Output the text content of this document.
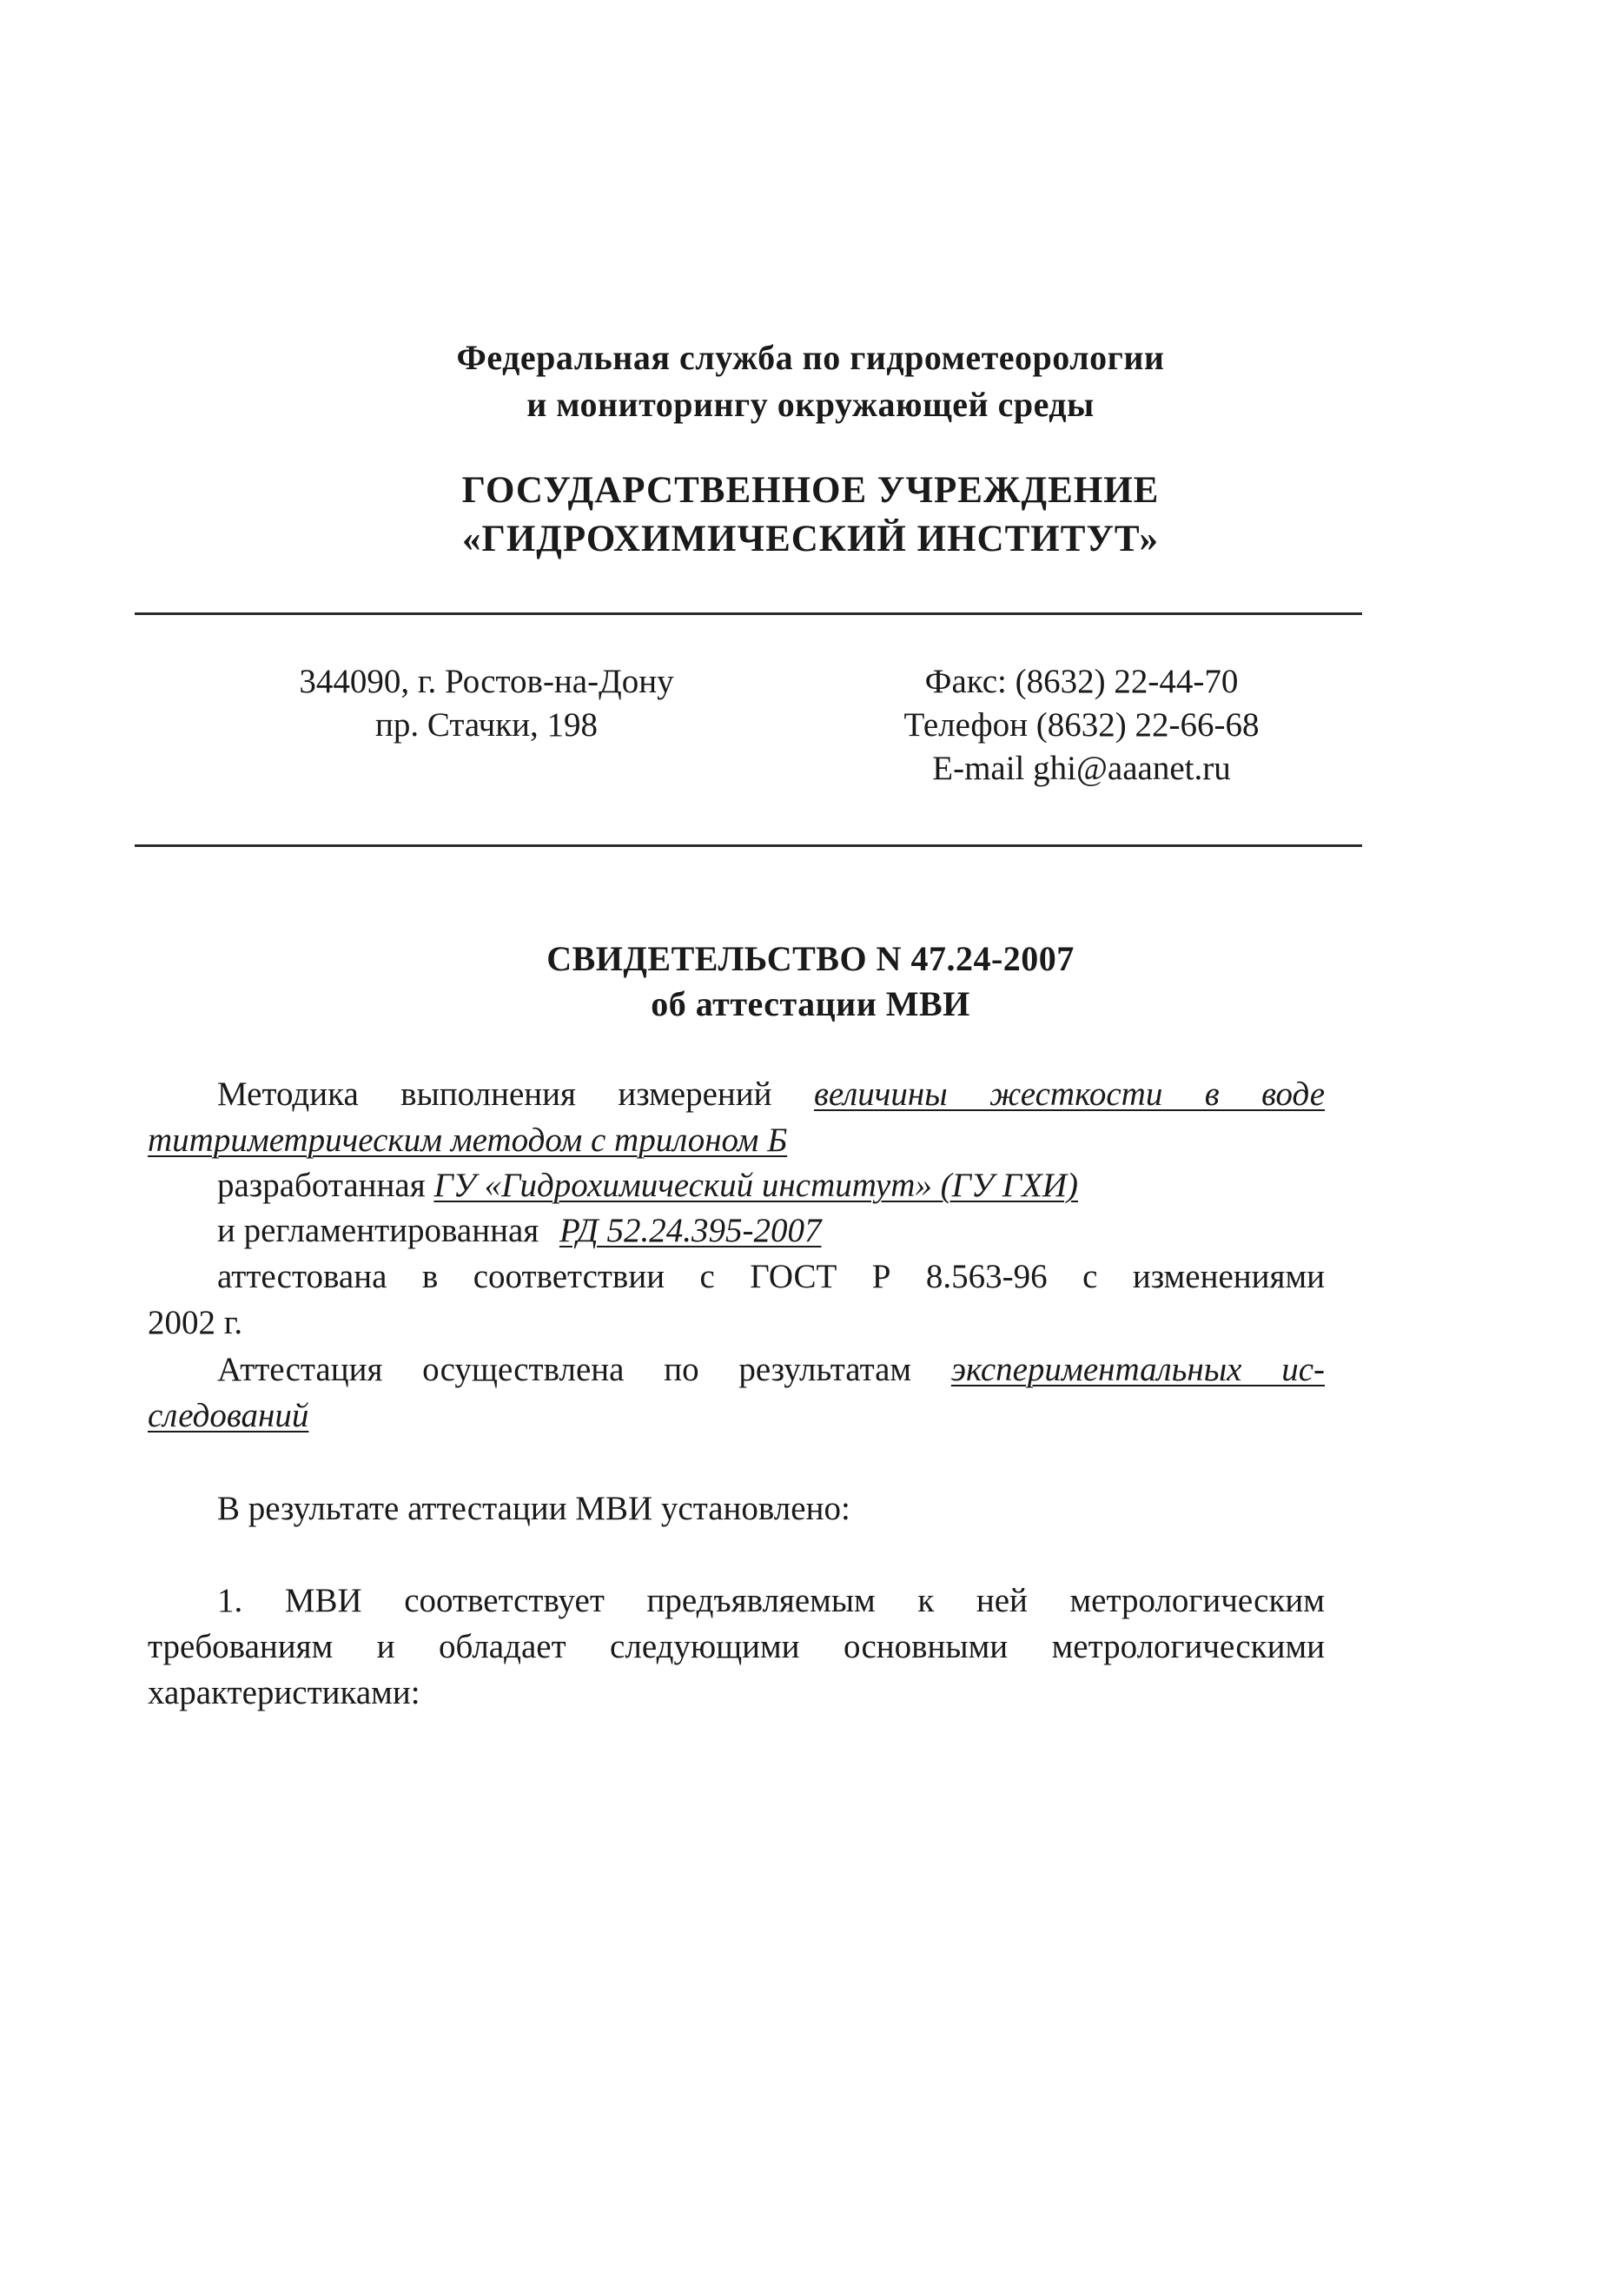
Федеральная служба по гидрометеорологии
и мониторингу окружающей среды
ГОСУДАРСТВЕННОЕ УЧРЕЖДЕНИЕ
«ГИДРОХИМИЧЕСКИЙ ИНСТИТУТ»
344090, г. Ростов-на-Дону
пр. Стачки, 198
Факс: (8632) 22-44-70
Телефон (8632) 22-66-68
E-mail ghi@aaanet.ru
СВИДЕТЕЛЬСТВО N 47.24-2007
об аттестации МВИ
Методика выполнения измерений величины жесткости в воде
титриметрическим методом с трилоном Б
разработанная ГУ «Гидрохимический институт» (ГУ ГХИ)
и регламентированная РД 52.24.395-2007
аттестована в соответствии с ГОСТ Р 8.563-96 с изменениями
2002 г.
Аттестация осуществлена по результатам экспериментальных ис-
следований
В результате аттестации МВИ установлено:
1. МВИ соответствует предъявляемым к ней метрологическим
требованиям и обладает следующими основными метрологическими
характеристиками:
